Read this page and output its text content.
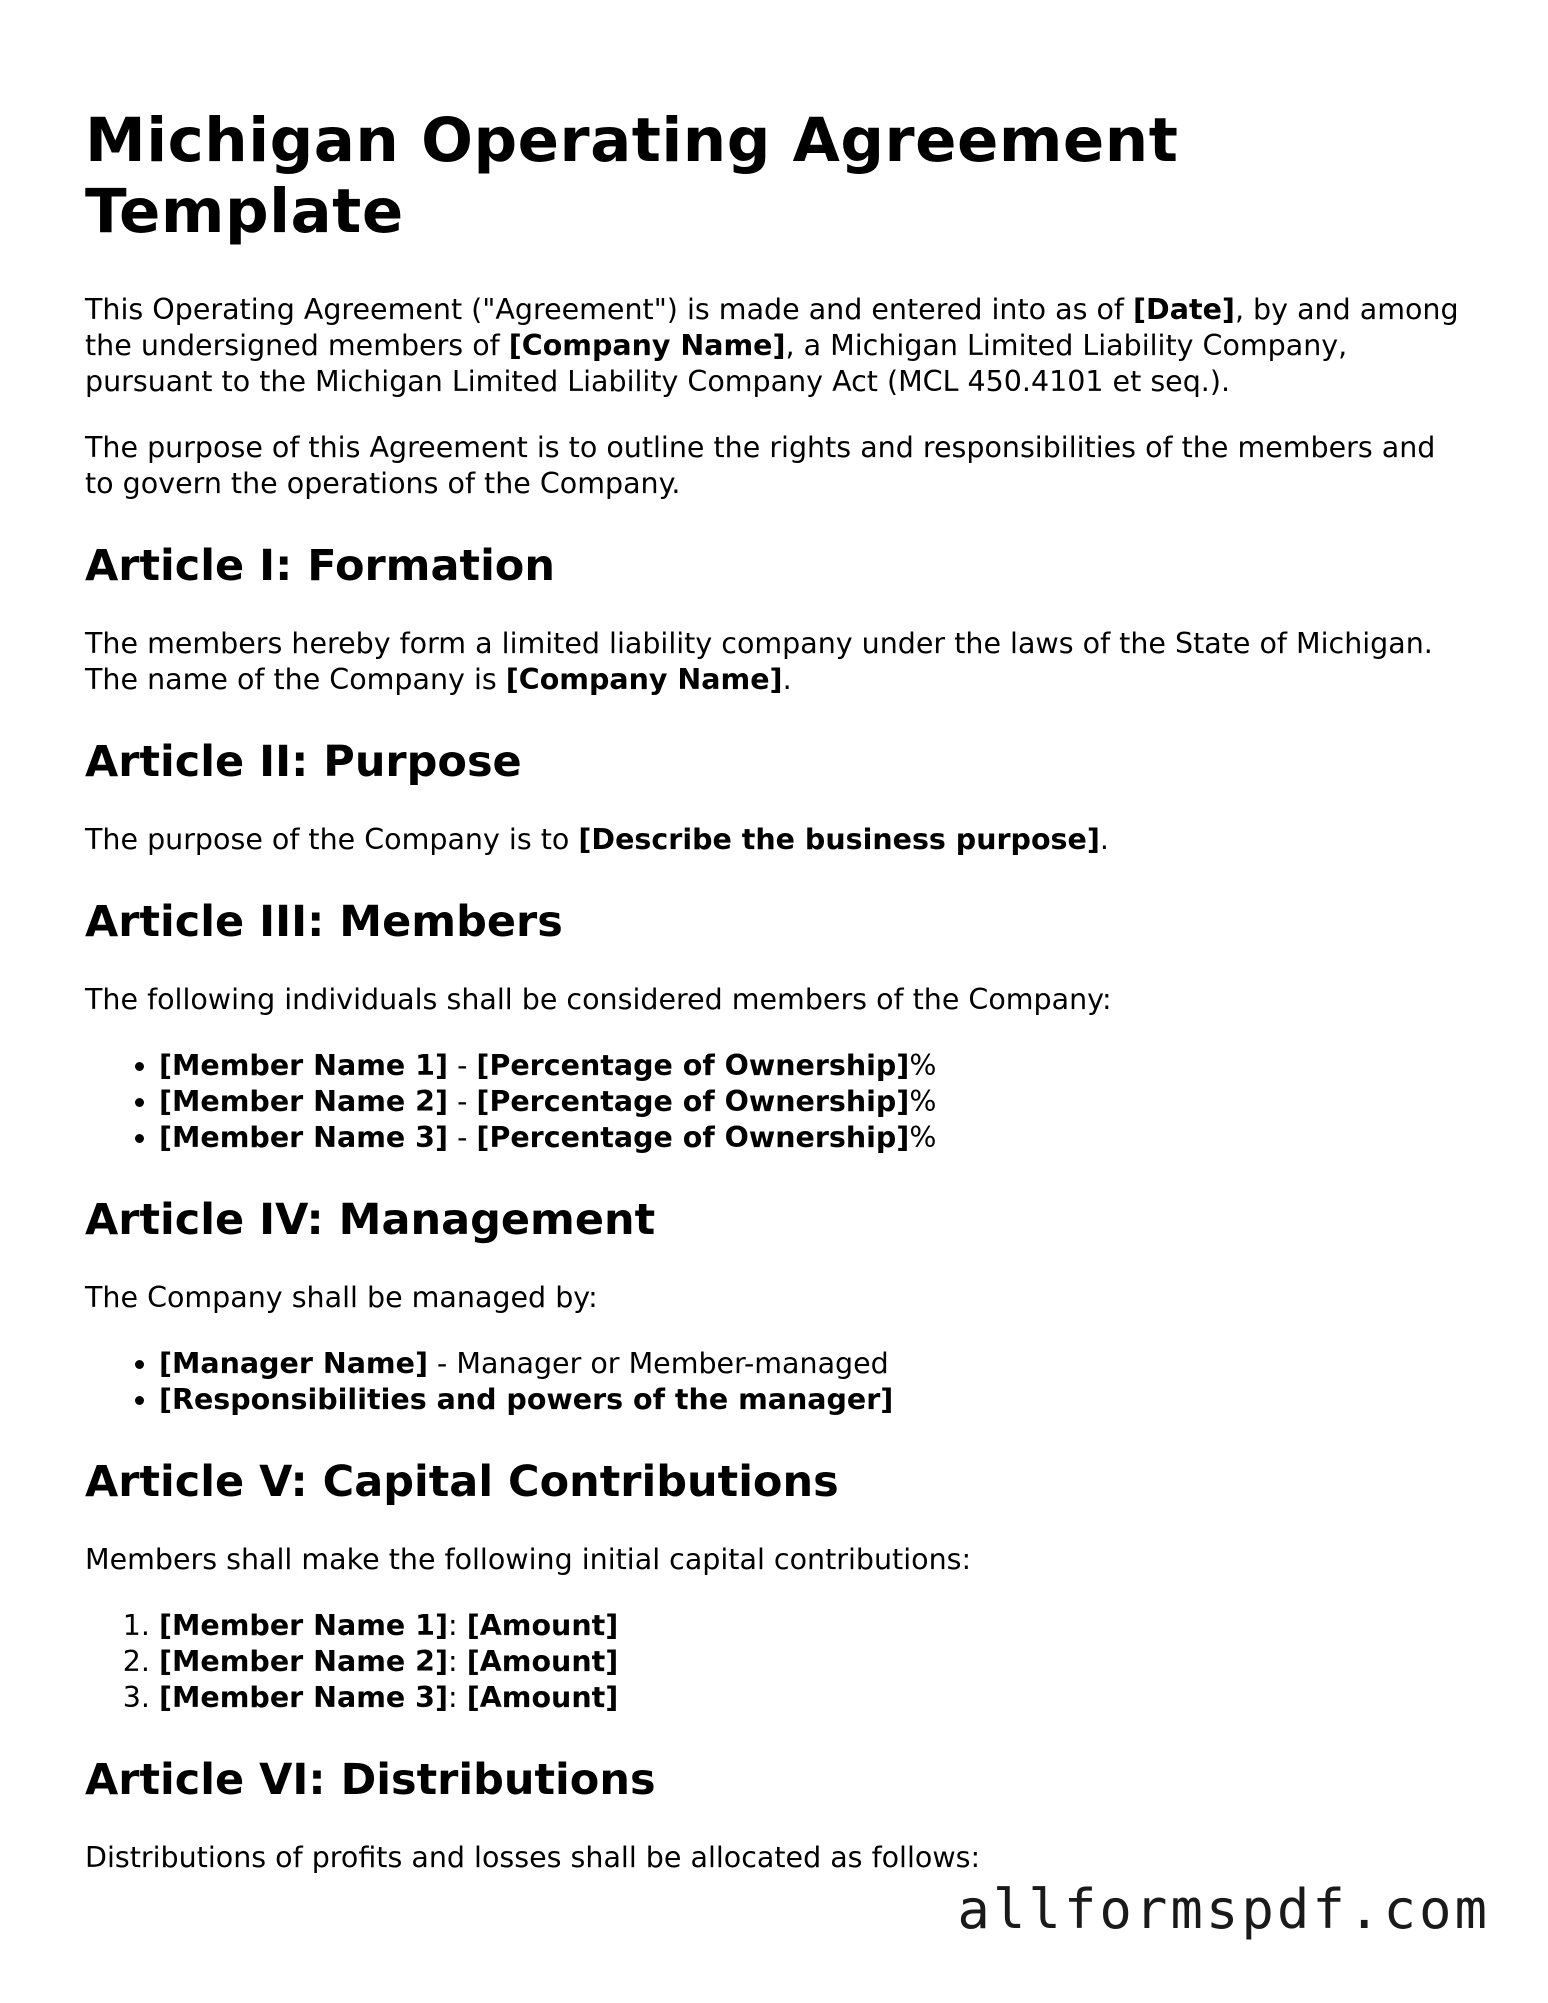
Michigan Operating Agreement Template

This Operating Agreement ("Agreement") is made and entered into as of [Date], by and among the undersigned members of [Company Name], a Michigan Limited Liability Company, pursuant to the Michigan Limited Liability Company Act (MCL 450.4101 et seq.).

The purpose of this Agreement is to outline the rights and responsibilities of the members and to govern the operations of the Company.

Article I: Formation

The members hereby form a limited liability company under the laws of the State of Michigan. The name of the Company is [Company Name].

Article II: Purpose

The purpose of the Company is to [Describe the business purpose].

Article III: Members

The following individuals shall be considered members of the Company:

• [Member Name 1] - [Percentage of Ownership]%
• [Member Name 2] - [Percentage of Ownership]%
• [Member Name 3] - [Percentage of Ownership]%
Article IV: Management

The Company shall be managed by:

• [Manager Name] - Manager or Member-managed
• [Responsibilities and powers of the manager]
Article V: Capital Contributions

Members shall make the following initial capital contributions:

1. [Member Name 1]: [Amount]
2. [Member Name 2]: [Amount]
3. [Member Name 3]: [Amount]
Article VI: Distributions

Distributions of profits and losses shall be allocated as follows:

allformspdf.com
